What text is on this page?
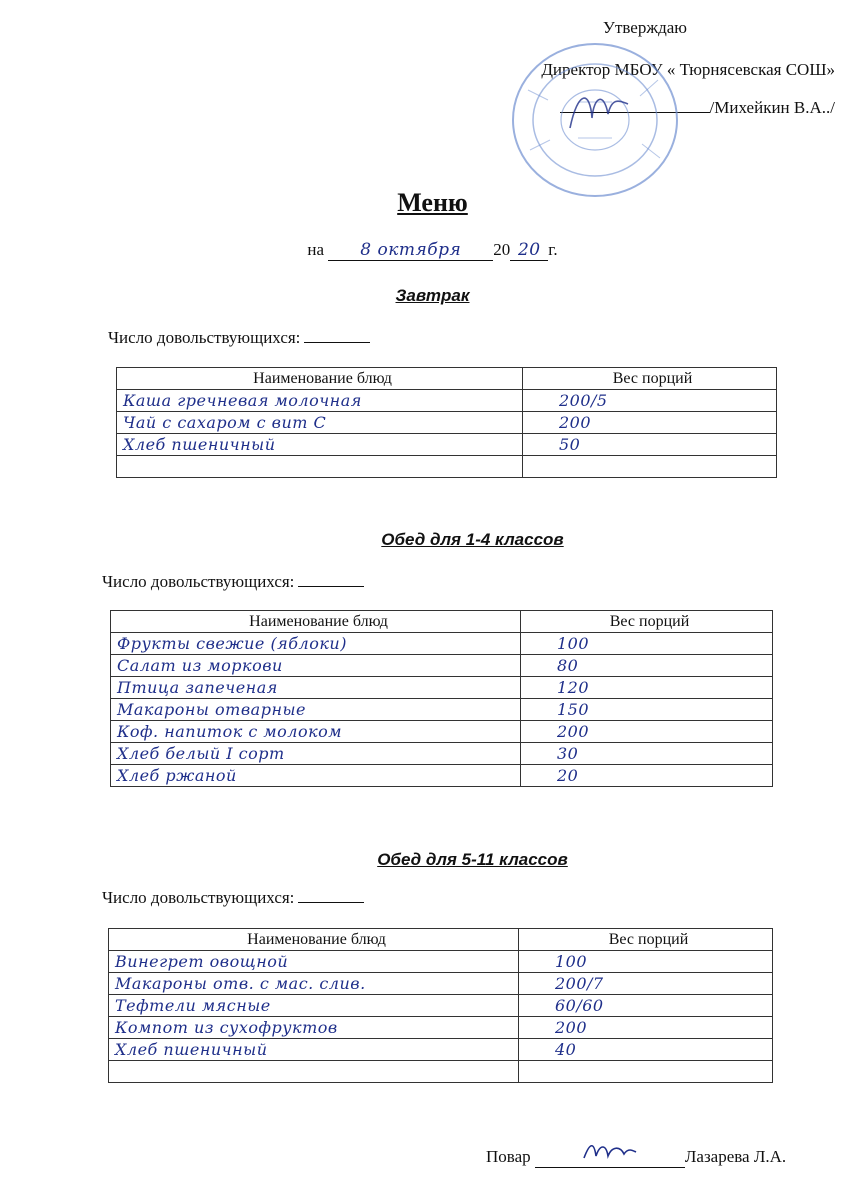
Утверждаю
Директор МБОУ « Тюрнясевская СОШ»
/Михейкин В.А../
Меню
на 8 октября 20 20 г.
Завтрак
Число довольствующихся:
Наименование блюд	Вес порций
Каша гречневая молочная	200/5
Чай с сахаром с вит С	200
Хлеб пшеничный	50

Обед для 1-4 классов
Число довольствующихся:
Наименование блюд	Вес порций
Фрукты свежие (яблоки)	100
Салат из моркови	80
Птица запеченая	120
Макароны отварные	150
Коф. напиток с молоком	200
Хлеб белый I сорт	30
Хлеб ржаной	20
Обед для 5-11 классов
Число довольствующихся:
Наименование блюд	Вес порций
Винегрет овощной	100
Макароны отв. с мас. слив.	200/7
Тефтели мясные	60/60
Компот из сухофруктов	200
Хлеб пшеничный	40

Повар	Лазарева Л.А.
